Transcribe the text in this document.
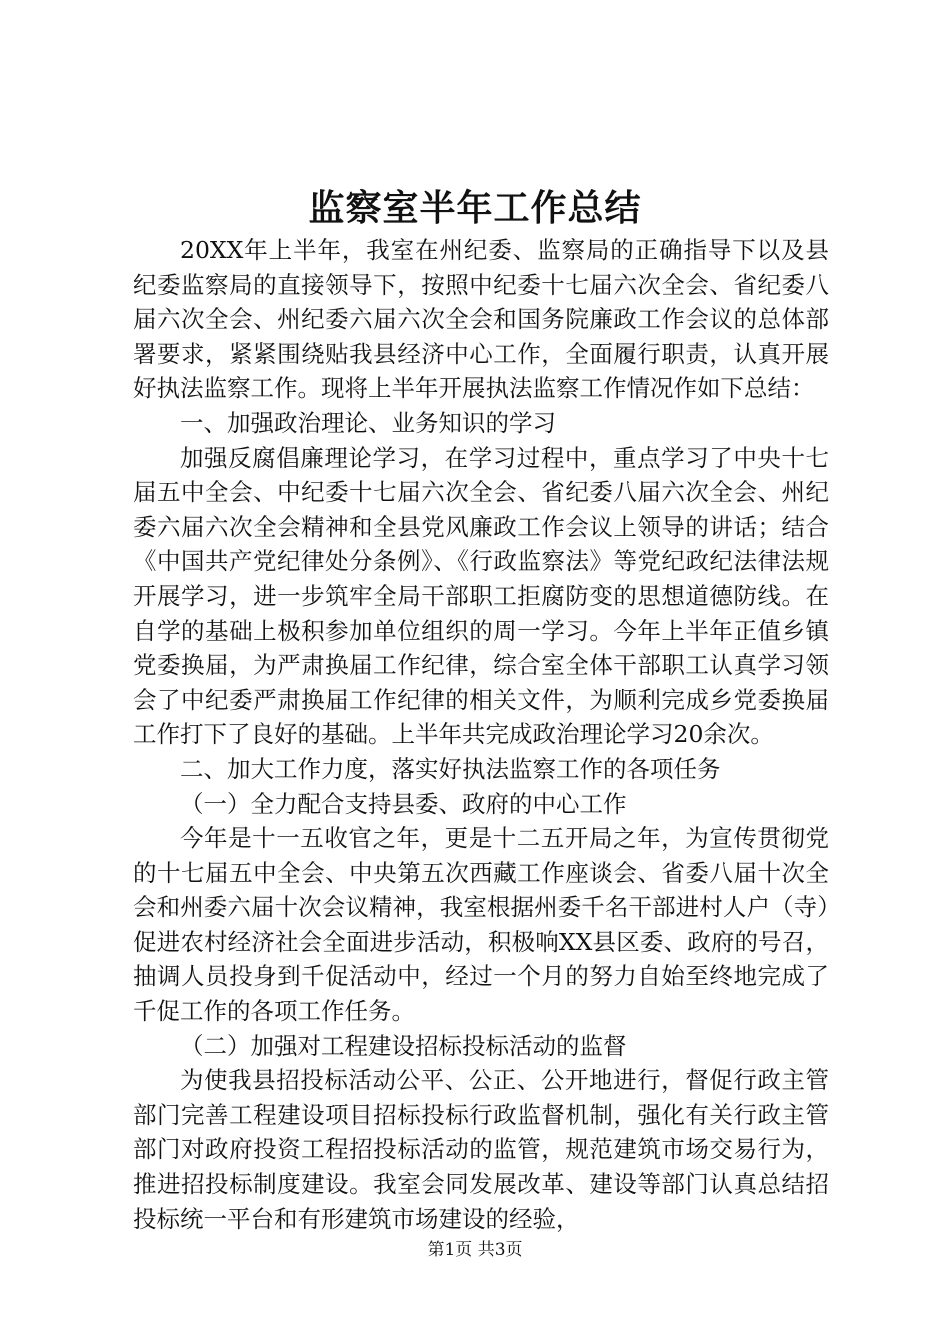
监察室半年工作总结

20XX年上半年，我室在州纪委、监察局的正确指导下以及县纪委监察局的直接领导下，按照中纪委十七届六次全会、省纪委八届六次全会、州纪委六届六次全会和国务院廉政工作会议的总体部署要求，紧紧围绕贴我县经济中心工作，全面履行职责，认真开展好执法监察工作。现将上半年开展执法监察工作情况作如下总结：

一、加强政治理论、业务知识的学习

加强反腐倡廉理论学习，在学习过程中，重点学习了中央十七届五中全会、中纪委十七届六次全会、省纪委八届六次全会、州纪委六届六次全会精神和全县党风廉政工作会议上领导的讲话；结合《中国共产党纪律处分条例》、《行政监察法》等党纪政纪法律法规开展学习，进一步筑牢全局干部职工拒腐防变的思想道德防线。在自学的基础上极积参加单位组织的周一学习。今年上半年正值乡镇党委换届，为严肃换届工作纪律，综合室全体干部职工认真学习领会了中纪委严肃换届工作纪律的相关文件，为顺利完成乡党委换届工作打下了良好的基础。上半年共完成政治理论学习20余次。

二、加大工作力度，落实好执法监察工作的各项任务

（一）全力配合支持县委、政府的中心工作

今年是十一五收官之年，更是十二五开局之年，为宣传贯彻党的十七届五中全会、中央第五次西藏工作座谈会、省委八届十次全会和州委六届十次会议精神，我室根据州委千名干部进村人户（寺）促进农村经济社会全面进步活动，积极响XX县区委、政府的号召，抽调人员投身到千促活动中，经过一个月的努力自始至终地完成了千促工作的各项工作任务。

（二）加强对工程建设招标投标活动的监督

为使我县招投标活动公平、公正、公开地进行，督促行政主管部门完善工程建设项目招标投标行政监督机制，强化有关行政主管部门对政府投资工程招投标活动的监管，规范建筑市场交易行为，推进招投标制度建设。我室会同发展改革、建设等部门认真总结招投标统一平台和有形建筑市场建设的经验，

第1页 共3页
